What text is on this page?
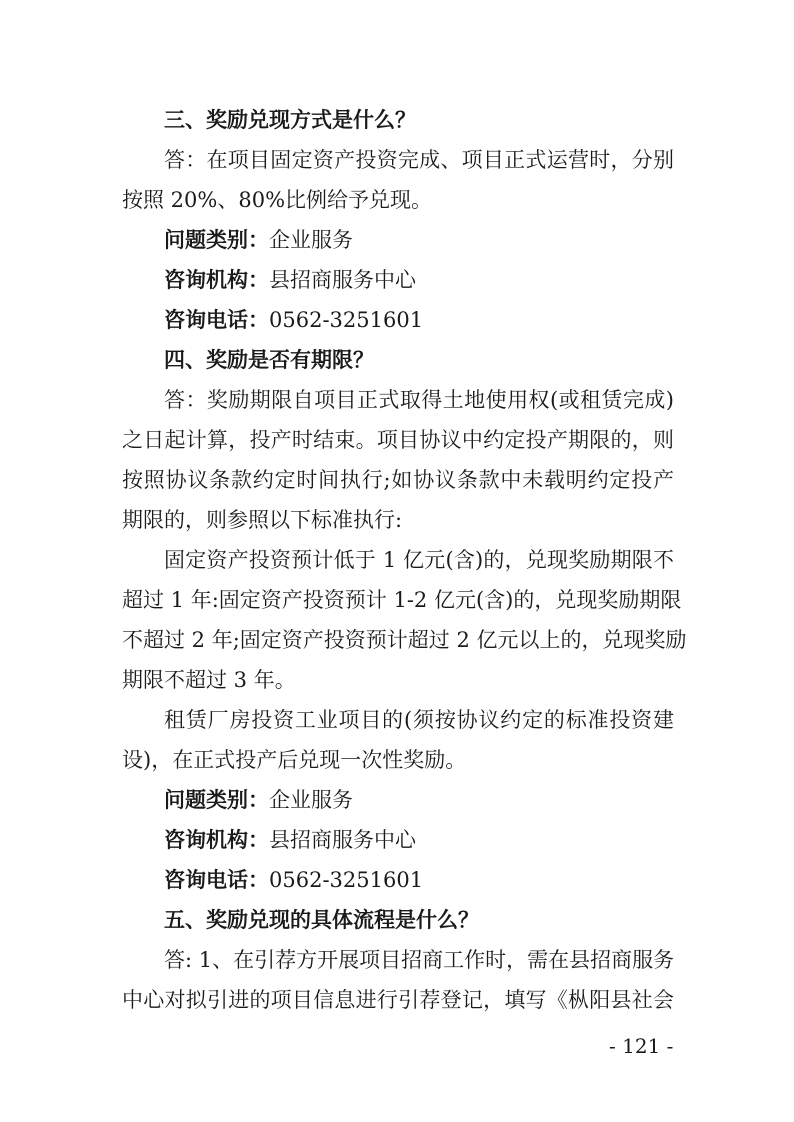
三、奖励兑现方式是什么？

答：在项目固定资产投资完成、项目正式运营时，分别

按照 20%、80%比例给予兑现。

问题类别：企业服务

咨询机构：县招商服务中心

咨询电话：0562-3251601

四、奖励是否有期限？

答：奖励期限自项目正式取得土地使用权(或租赁完成)

之日起计算，投产时结束。项目协议中约定投产期限的，则

按照协议条款约定时间执行;如协议条款中未载明约定投产

期限的，则参照以下标准执行:

固定资产投资预计低于 1 亿元(含)的，兑现奖励期限不

超过 1 年:固定资产投资预计 1-2 亿元(含)的，兑现奖励期限

不超过 2 年;固定资产投资预计超过 2 亿元以上的，兑现奖励

期限不超过 3 年。

租赁厂房投资工业项目的(须按协议约定的标准投资建

设)，在正式投产后兑现一次性奖励。

问题类别：企业服务

咨询机构：县招商服务中心

咨询电话：0562-3251601

五、奖励兑现的具体流程是什么？

答: 1、在引荐方开展项目招商工作时，需在县招商服务

中心对拟引进的项目信息进行引荐登记，填写《枞阳县社会

- 121 -
